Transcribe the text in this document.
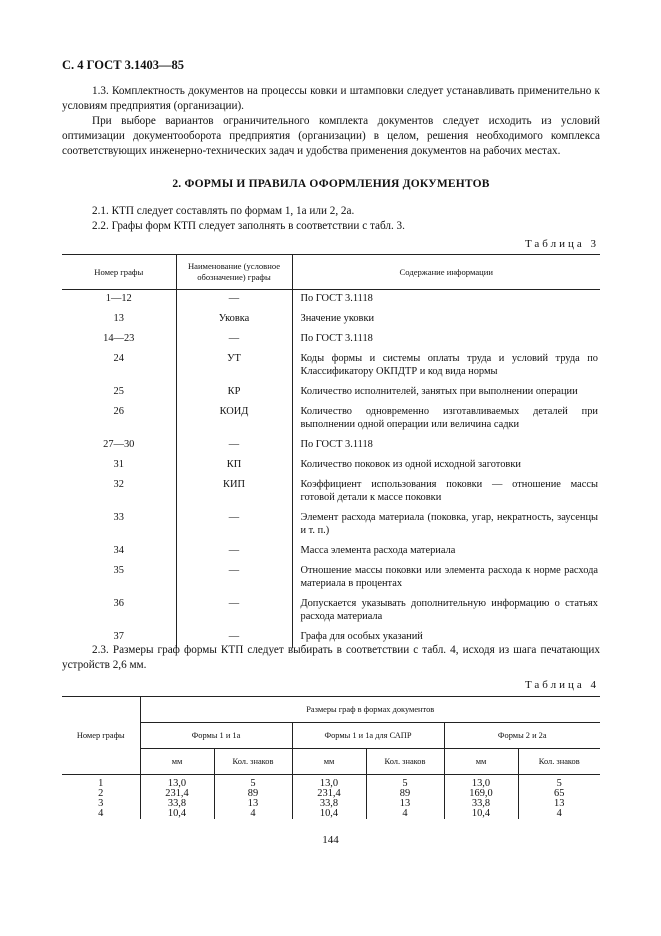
С. 4 ГОСТ 3.1403—85
1.3. Комплектность документов на процессы ковки и штамповки следует устанавливать применительно к условиям предприятия (организации).
При выборе вариантов ограничительного комплекта документов следует исходить из условий оптимизации документооборота предприятия (организации) в целом, решения необходимого комплекса соответствующих инженерно-технических задач и удобства применения документов на рабочих местах.
2. ФОРМЫ И ПРАВИЛА ОФОРМЛЕНИЯ ДОКУМЕНТОВ
2.1. КТП следует составлять по формам 1, 1а или 2, 2а.
2.2. Графы форм КТП следует заполнять в соответствии с табл. 3.
Таблица 3
Номер графы	Наименование (условное обозначение) графы	Содержание информации
1—12	—	По ГОСТ 3.1118
13	Уковка	Значение уковки
14—23	—	По ГОСТ 3.1118
24	УТ	Коды формы и системы оплаты труда и условий труда по Классификатору ОКПДТР и код вида нормы
25	КР	Количество исполнителей, занятых при выполнении операции
26	КОИД	Количество одновременно изготавливаемых деталей при выполнении одной операции или величина садки
27—30	—	По ГОСТ 3.1118
31	КП	Количество поковок из одной исходной заготовки
32	КИП	Коэффициент использования поковки — отношение массы готовой детали к массе поковки
33	—	Элемент расхода материала (поковка, угар, некратность, заусенцы и т. п.)
34	—	Масса элемента расхода материала
35	—	Отношение массы поковки или элемента расхода к норме расхода материала в процентах
36	—	Допускается указывать дополнительную информацию о статьях расхода материала
37	—	Графа для особых указаний
2.3. Размеры граф формы КТП следует выбирать в соответствии с табл. 4, исходя из шага печатающих устройств 2,6 мм.
Таблица 4
Номер графы	Размеры граф в формах документов					
	Формы 1 и 1а		Формы 1 и 1а для САПР		Формы 2 и 2а	
	мм	Кол. знаков	мм	Кол. знаков	мм	Кол. знаков
1	13,0	5	13,0	5	13,0	5
2	231,4	89	231,4	89	169,0	65
3	33,8	13	33,8	13	33,8	13
4	10,4	4	10,4	4	10,4	4
144
